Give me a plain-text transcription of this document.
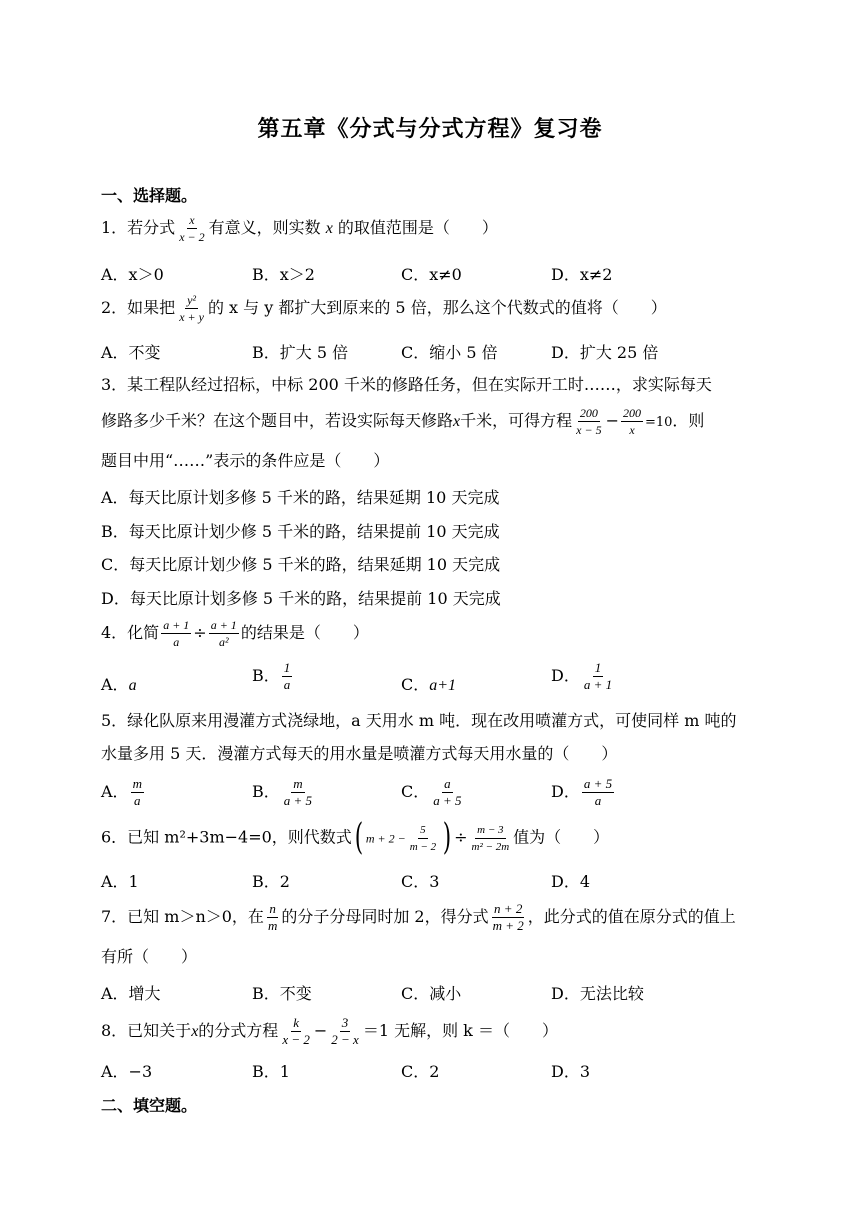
第五章《分式与分式方程》复习卷
一、选择题。
1．若分式 $\frac{x}{x - 2}$ 有意义，则实数 x 的取值范围是（　　）
A．x＞0	B．x＞2	C．x≠0	D．x≠2
2．如果把 $\frac{\text{y²}}{x + y}$ 的 x 与 y 都扩大到原来的 5 倍，那么这个代数式的值将（　　）
A．不变	B．扩大 5 倍	C．缩小 5 倍	D．扩大 25 倍
3．某工程队经过招标，中标 200 千米的修路任务，但在实际开工时……，求实际每天
修路多少千米？在这个题目中，若设实际每天修路x千米，可得方程 $\frac{200}{x - 5} - \frac{200}{x} =10$．则
题目中用“……”表示的条件应是（　　）
A．每天比原计划多修 5 千米的路，结果延期 10 天完成
B．每天比原计划少修 5 千米的路，结果提前 10 天完成
C．每天比原计划少修 5 千米的路，结果延期 10 天完成
D．每天比原计划多修 5 千米的路，结果提前 10 天完成
4．化简 $\frac{a + 1}{a} \div \frac{a + 1}{\text{a²}}$ 的结果是（　　）
A．a
B． $\frac{1}{a}$	C．a+1
D． $\frac{1}{a + 1}$
5．绿化队原来用漫灌方式浇绿地，a 天用水 m 吨．现在改用喷灌方式，可使同样 m 吨的
水量多用 5 天．漫灌方式每天的用水量是喷灌方式每天用水量的（　　）
A． $\frac{m}{a}$	B． $\frac{m}{a + 5}$	C． $\frac{a}{a + 5}$	D． $\frac{a + 5}{a}$
6．已知 m²+3m−4=0，则代数式( $m + 2 - \frac{5}{m - 2}$ ) ÷ $\frac{m - 3}{\text{m² − 2m}}$ 值为（　　）
A．1	B．2	C．3	D．4
7．已知 m＞n＞0，在 $\frac{n}{m}$ 的分子分母同时加 2，得分式 $\frac{n + 2}{m + 2}$ ，此分式的值在原分式的值上
有所（　　）
A．增大	B．不变	C．减小	D．无法比较
8．已知关于x的分式方程 $\frac{k}{x - 2} - \frac{3}{2 - x} =1$ 无解，则 k ＝（　　）
A．−3	B．1	C．2	D．3
二、填空题。
